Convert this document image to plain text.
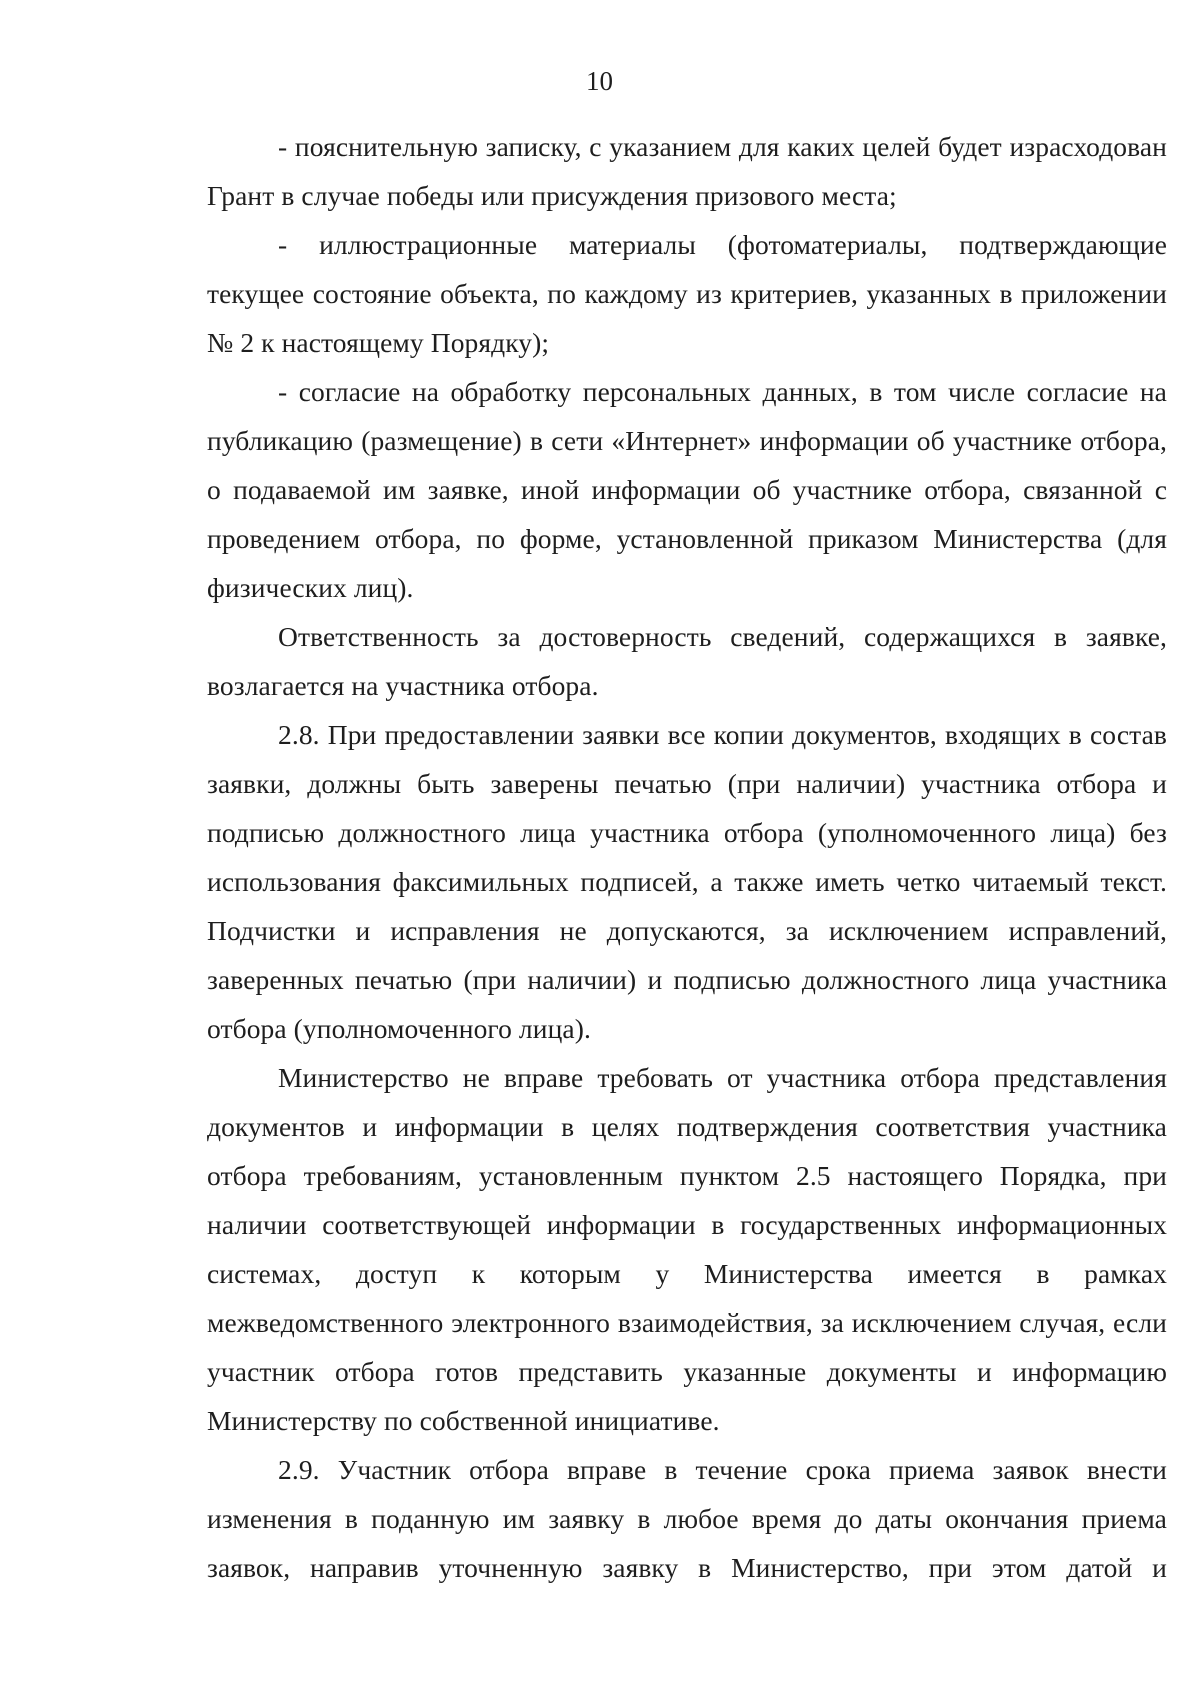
10

- пояснительную записку, с указанием для каких целей будет израсходован Грант в случае победы или присуждения призового места;

- иллюстрационные материалы (фотоматериалы, подтверждающие текущее состояние объекта, по каждому из критериев, указанных в приложении № 2 к настоящему Порядку);

- согласие на обработку персональных данных, в том числе согласие на публикацию (размещение) в сети «Интернет» информации об участнике отбора, о подаваемой им заявке, иной информации об участнике отбора, связанной с проведением отбора, по форме, установленной приказом Министерства (для физических лиц).

Ответственность за достоверность сведений, содержащихся в заявке, возлагается на участника отбора.

2.8. При предоставлении заявки все копии документов, входящих в состав заявки, должны быть заверены печатью (при наличии) участника отбора и подписью должностного лица участника отбора (уполномоченного лица) без использования факсимильных подписей, а также иметь четко читаемый текст. Подчистки и исправления не допускаются, за исключением исправлений, заверенных печатью (при наличии) и подписью должностного лица участника отбора (уполномоченного лица).

Министерство не вправе требовать от участника отбора представления документов и информации в целях подтверждения соответствия участника отбора требованиям, установленным пунктом 2.5 настоящего Порядка, при наличии соответствующей информации в государственных информационных системах, доступ к которым у Министерства имеется в рамках межведомственного электронного взаимодействия, за исключением случая, если участник отбора готов представить указанные документы и информацию Министерству по собственной инициативе.

2.9. Участник отбора вправе в течение срока приема заявок внести изменения в поданную им заявку в любое время до даты окончания приема заявок, направив уточненную заявку в Министерство, при этом датой и
